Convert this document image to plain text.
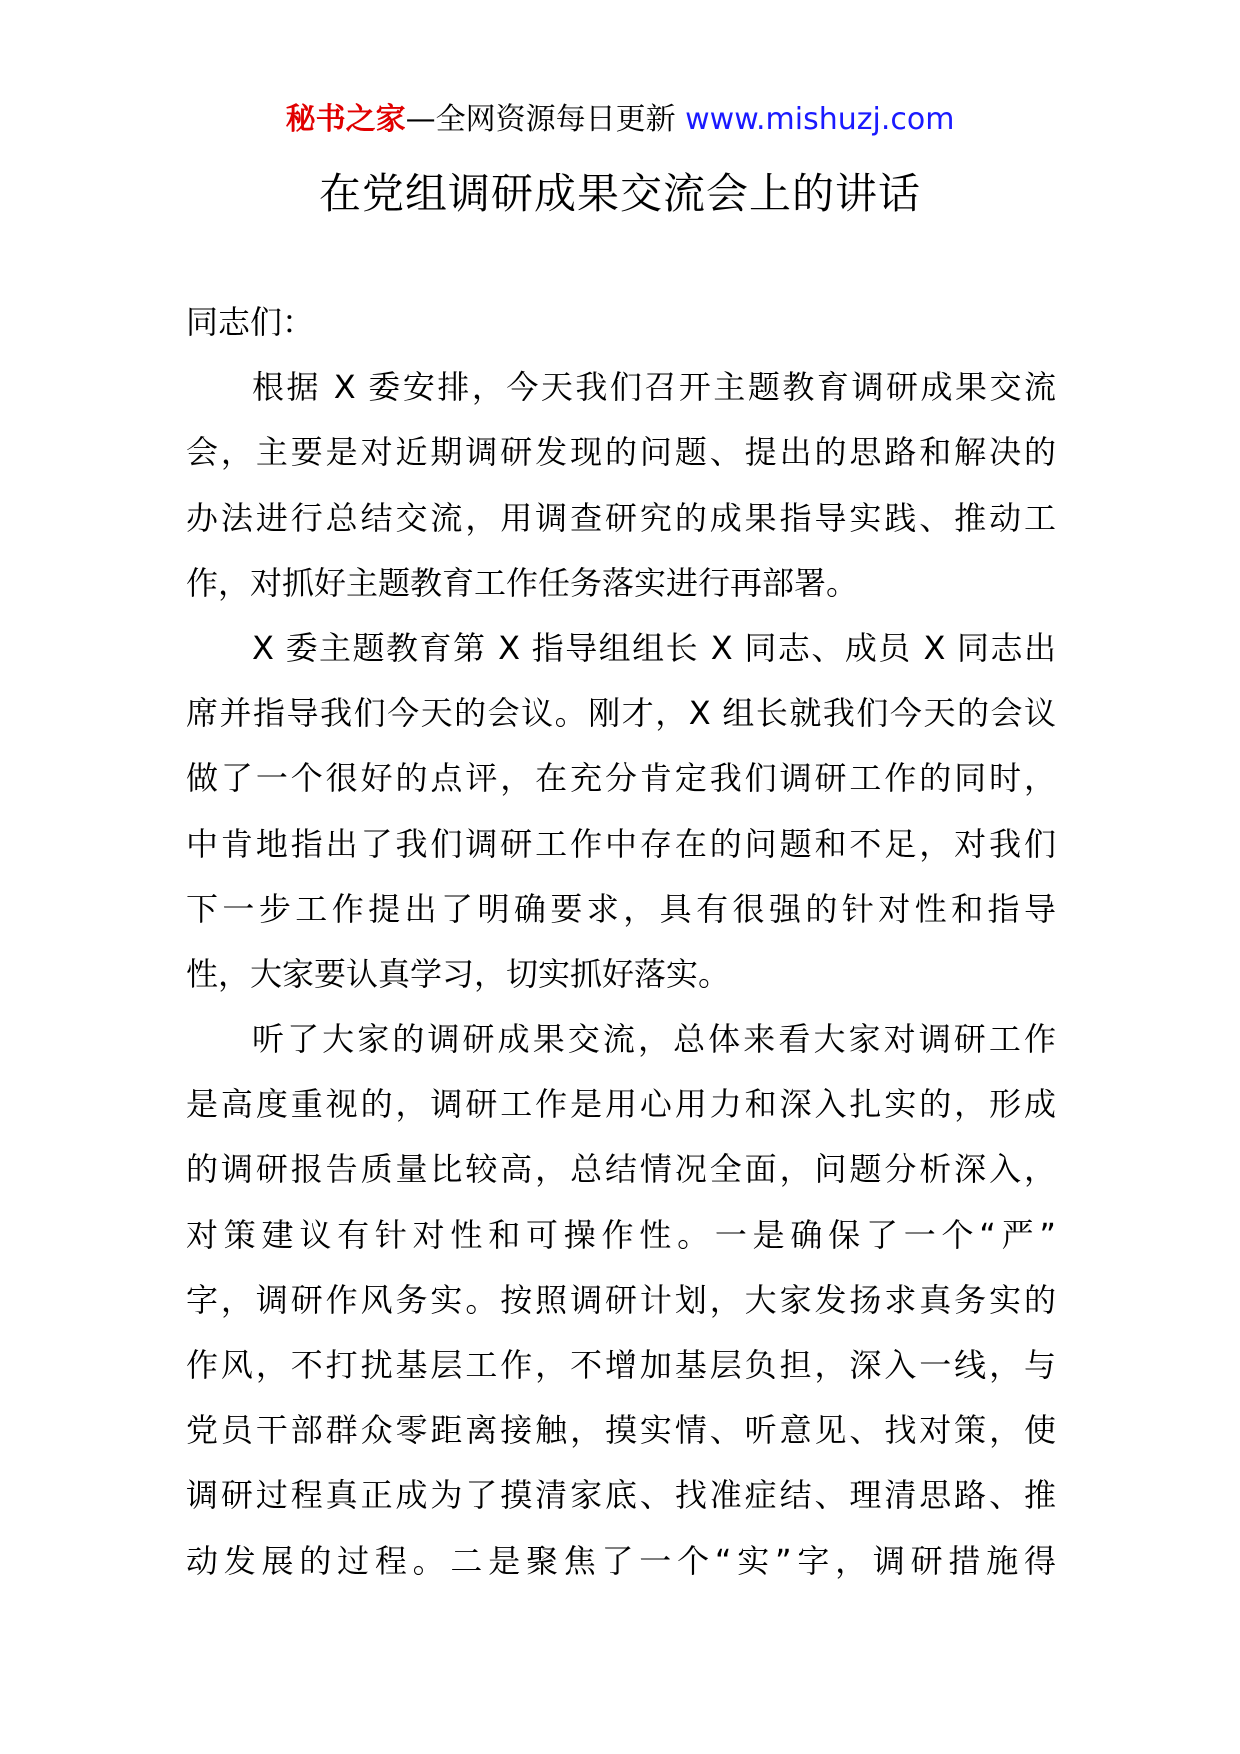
秘书之家—全网资源每日更新 www.mishuzj.com
在党组调研成果交流会上的讲话
同志们：
根据 X 委安排，今天我们召开主题教育调研成果交流
会，主要是对近期调研发现的问题、提出的思路和解决的
办法进行总结交流，用调查研究的成果指导实践、推动工
作，对抓好主题教育工作任务落实进行再部署。
X 委主题教育第 X 指导组组长 X 同志、成员 X 同志出
席并指导我们今天的会议。刚才，X 组长就我们今天的会议
做了一个很好的点评，在充分肯定我们调研工作的同时，
中肯地指出了我们调研工作中存在的问题和不足，对我们
下一步工作提出了明确要求，具有很强的针对性和指导
性，大家要认真学习，切实抓好落实。
听了大家的调研成果交流，总体来看大家对调研工作
是高度重视的，调研工作是用心用力和深入扎实的，形成
的调研报告质量比较高，总结情况全面，问题分析深入，
对策建议有针对性和可操作性。一是确保了一个“严”
字，调研作风务实。按照调研计划，大家发扬求真务实的
作风，不打扰基层工作，不增加基层负担，深入一线，与
党员干部群众零距离接触，摸实情、听意见、找对策，使
调研过程真正成为了摸清家底、找准症结、理清思路、推
动发展的过程。二是聚焦了一个“实”字，调研措施得
